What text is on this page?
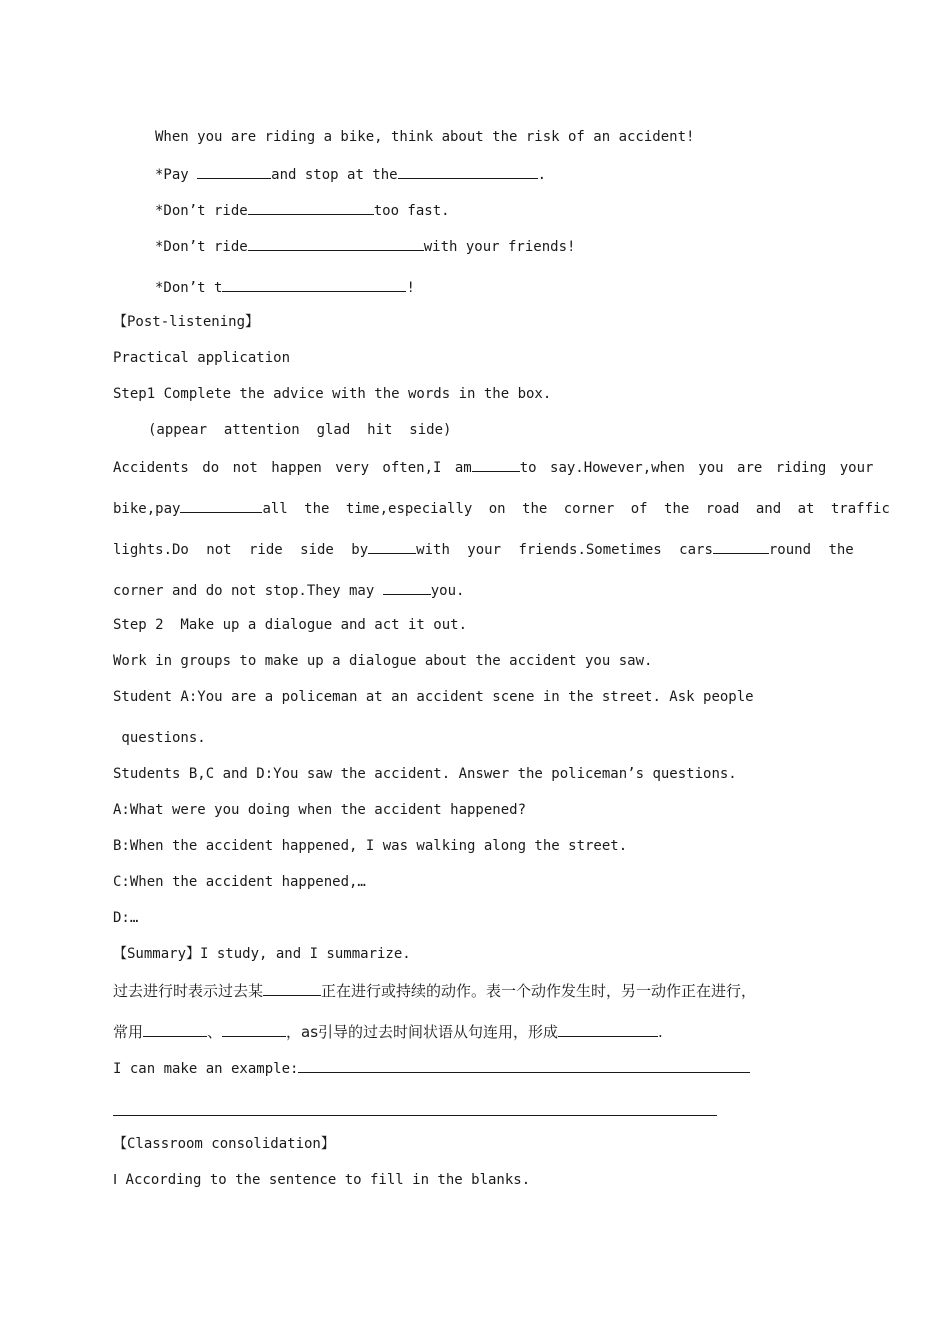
When you are riding a bike, think about the risk of an accident!
*Pay	and stop at the	.
*Don’t ride	too fast.
*Don’t ride	with your friends!
*Don’t t	!
【Post-listening】
Practical application
Step1 Complete the advice with the words in the box.
(appear  attention  glad  hit  side)
Accidents do not happen very often,I am	to say.However,when you are riding your
bike,pay	all the time,especially on the corner of the road and at traffic
lights.Do not ride side by	with your friends.Sometimes cars	round the
corner and do not stop.They may	you.
Step 2  Make up a dialogue and act it out.
Work in groups to make up a dialogue about the accident you saw.
Student A:You are a policeman at an accident scene in the street. Ask people
questions.
Students B,C and D:You saw the accident. Answer the policeman’s questions.
A:What were you doing when the accident happened?
B:When the accident happened, I was walking along the street.
C:When the accident happened,…
D:…
【Summary】I study, and I summarize.
过去进行时表示过去某	正在进行或持续的动作。表一个动作发生时，另一动作正在进行，
常用	、	，as引导的过去时间状语从句连用，形成	.
I can make an example:
【Classroom consolidation】
Ⅰ According to the sentence to fill in the blanks.
